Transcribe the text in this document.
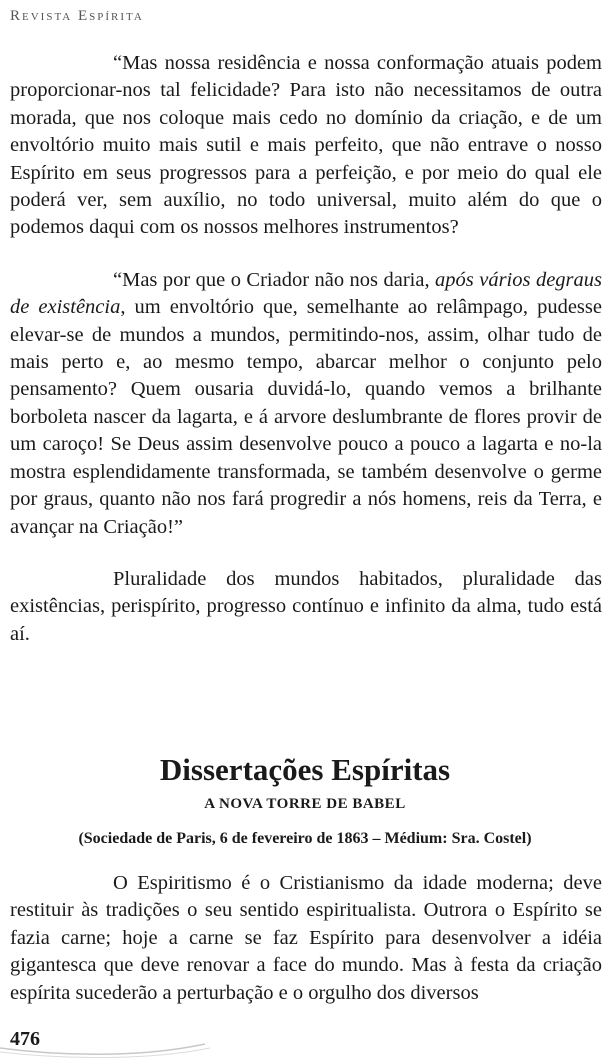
Revista Espírita

“Mas nossa residência e nossa conformação atuais podem proporcionar-nos tal felicidade? Para isto não necessitamos de outra morada, que nos coloque mais cedo no domínio da criação, e de um envoltório muito mais sutil e mais perfeito, que não entrave o nosso Espírito em seus progressos para a perfeição, e por meio do qual ele poderá ver, sem auxílio, no todo universal, muito além do que o podemos daqui com os nossos melhores instrumentos?

“Mas por que o Criador não nos daria, após vários degraus de existência, um envoltório que, semelhante ao relâmpago, pudesse elevar-se de mundos a mundos, permitindo-nos, assim, olhar tudo de mais perto e, ao mesmo tempo, abarcar melhor o conjunto pelo pensamento? Quem ousaria duvidá-lo, quando vemos a brilhante borboleta nascer da lagarta, e á arvore deslumbrante de flores provir de um caroço! Se Deus assim desenvolve pouco a pouco a lagarta e no-la mostra esplendidamente transformada, se também desenvolve o germe por graus, quanto não nos fará progredir a nós homens, reis da Terra, e avançar na Criação!”

Pluralidade dos mundos habitados, pluralidade das existências, perispírito, progresso contínuo e infinito da alma, tudo está aí.

Dissertações Espíritas
A NOVA TORRE DE BABEL
(Sociedade de Paris, 6 de fevereiro de 1863 – Médium: Sra. Costel)

O Espiritismo é o Cristianismo da idade moderna; deve restituir às tradições o seu sentido espiritualista. Outrora o Espírito se fazia carne; hoje a carne se faz Espírito para desenvolver a idéia gigantesca que deve renovar a face do mundo. Mas à festa da criação espírita sucederão a perturbação e o orgulho dos diversos

476
